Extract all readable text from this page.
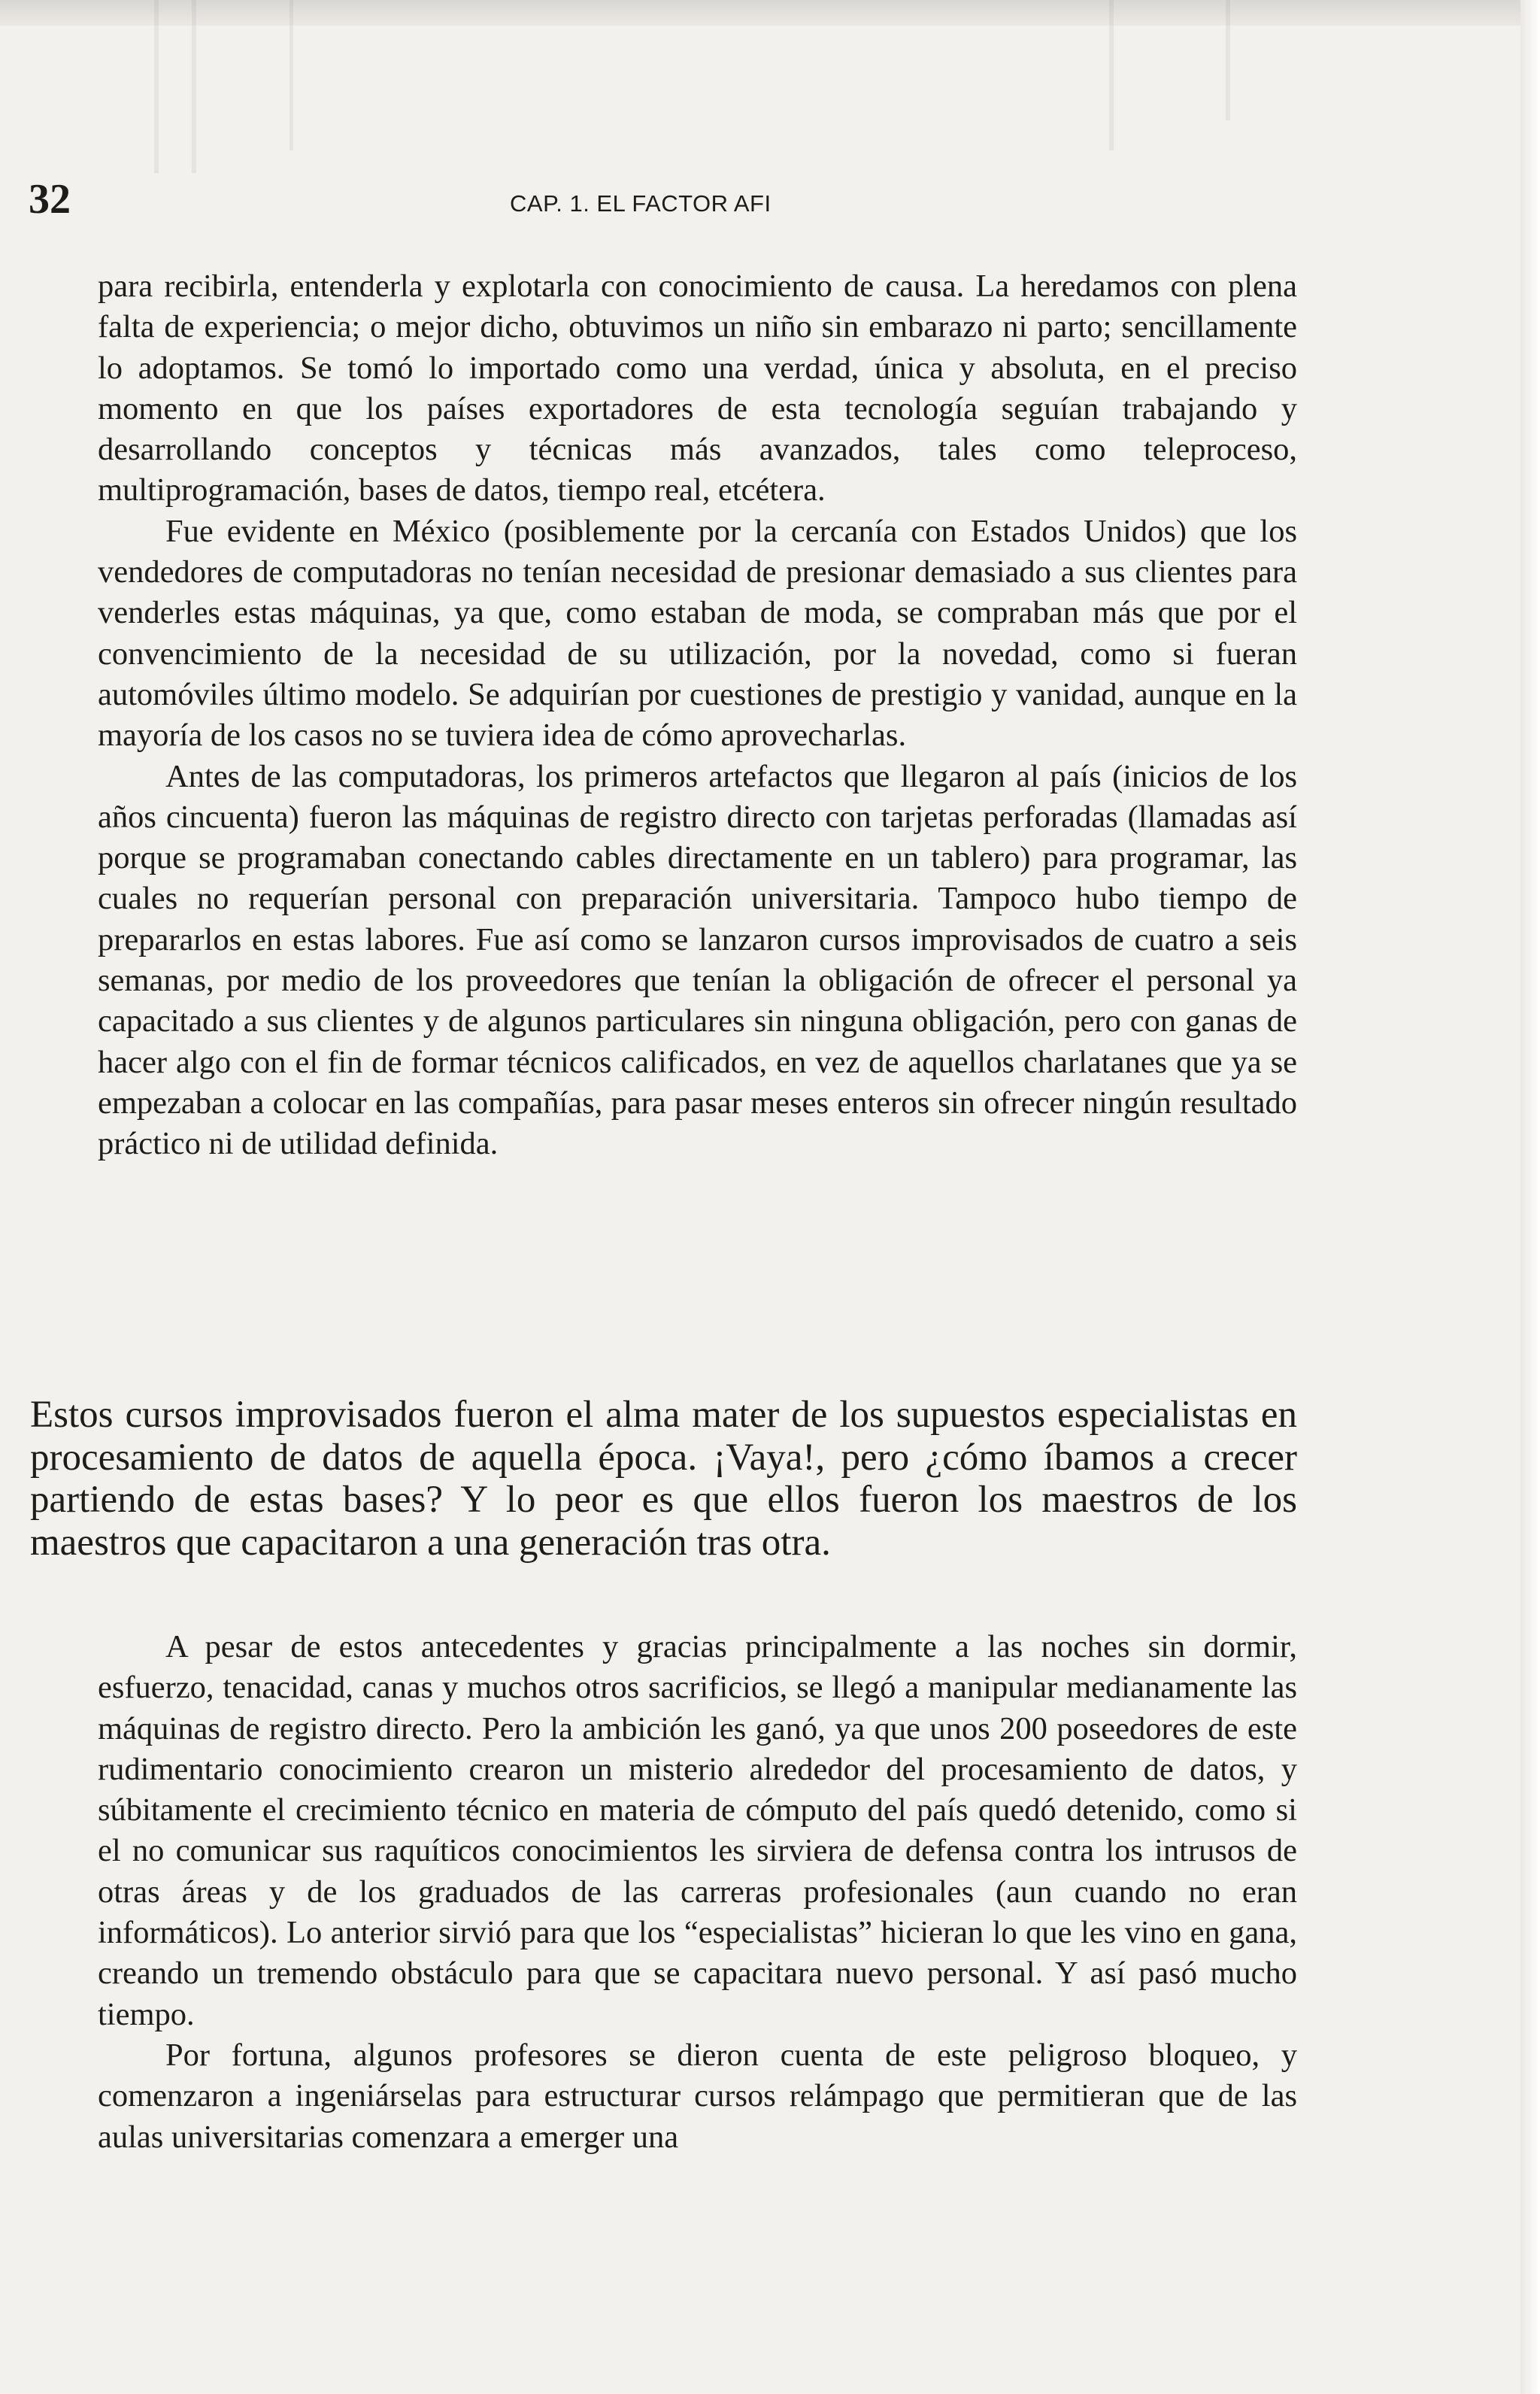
32	CAP. 1. EL FACTOR AFI

para recibirla, entenderla y explotarla con conocimiento de causa. La heredamos con plena falta de experiencia; o mejor dicho, obtuvimos un niño sin embarazo ni parto; sencillamente lo adoptamos. Se tomó lo importado como una verdad, única y absoluta, en el preciso momento en que los países exportadores de esta tecnología seguían trabajando y desarrollando conceptos y técnicas más avanzados, tales como teleproceso, multiprogramación, bases de datos, tiempo real, etcétera.

Fue evidente en México (posiblemente por la cercanía con Estados Unidos) que los vendedores de computadoras no tenían necesidad de presionar demasiado a sus clientes para venderles estas máquinas, ya que, como estaban de moda, se compraban más que por el convencimiento de la necesidad de su utilización, por la novedad, como si fueran automóviles último modelo. Se adquirían por cuestiones de prestigio y vanidad, aunque en la mayoría de los casos no se tuviera idea de cómo aprovecharlas.

Antes de las computadoras, los primeros artefactos que llegaron al país (inicios de los años cincuenta) fueron las máquinas de registro directo con tarjetas perforadas (llamadas así porque se programaban conectando cables directamente en un tablero) para programar, las cuales no requerían personal con preparación universitaria. Tampoco hubo tiempo de prepararlos en estas labores. Fue así como se lanzaron cursos improvisados de cuatro a seis semanas, por medio de los proveedores que tenían la obligación de ofrecer el personal ya capacitado a sus clientes y de algunos particulares sin ninguna obligación, pero con ganas de hacer algo con el fin de formar técnicos calificados, en vez de aquellos charlatanes que ya se empezaban a colocar en las compañías, para pasar meses enteros sin ofrecer ningún resultado práctico ni de utilidad definida.

Estos cursos improvisados fueron el alma mater de los supuestos especialistas en procesamiento de datos de aquella época. ¡Vaya!, pero ¿cómo íbamos a crecer partiendo de estas bases? Y lo peor es que ellos fueron los maestros de los maestros que capacitaron a una generación tras otra.

A pesar de estos antecedentes y gracias principalmente a las noches sin dormir, esfuerzo, tenacidad, canas y muchos otros sacrificios, se llegó a manipular medianamente las máquinas de registro directo. Pero la ambición les ganó, ya que unos 200 poseedores de este rudimentario conocimiento crearon un misterio alrededor del procesamiento de datos, y súbitamente el crecimiento técnico en materia de cómputo del país quedó detenido, como si el no comunicar sus raquíticos conocimientos les sirviera de defensa contra los intrusos de otras áreas y de los graduados de las carreras profesionales (aun cuando no eran informáticos). Lo anterior sirvió para que los “especialistas” hicieran lo que les vino en gana, creando un tremendo obstáculo para que se capacitara nuevo personal. Y así pasó mucho tiempo.

Por fortuna, algunos profesores se dieron cuenta de este peligroso bloqueo, y comenzaron a ingeniárselas para estructurar cursos relámpago que permitieran que de las aulas universitarias comenzara a emerger una
